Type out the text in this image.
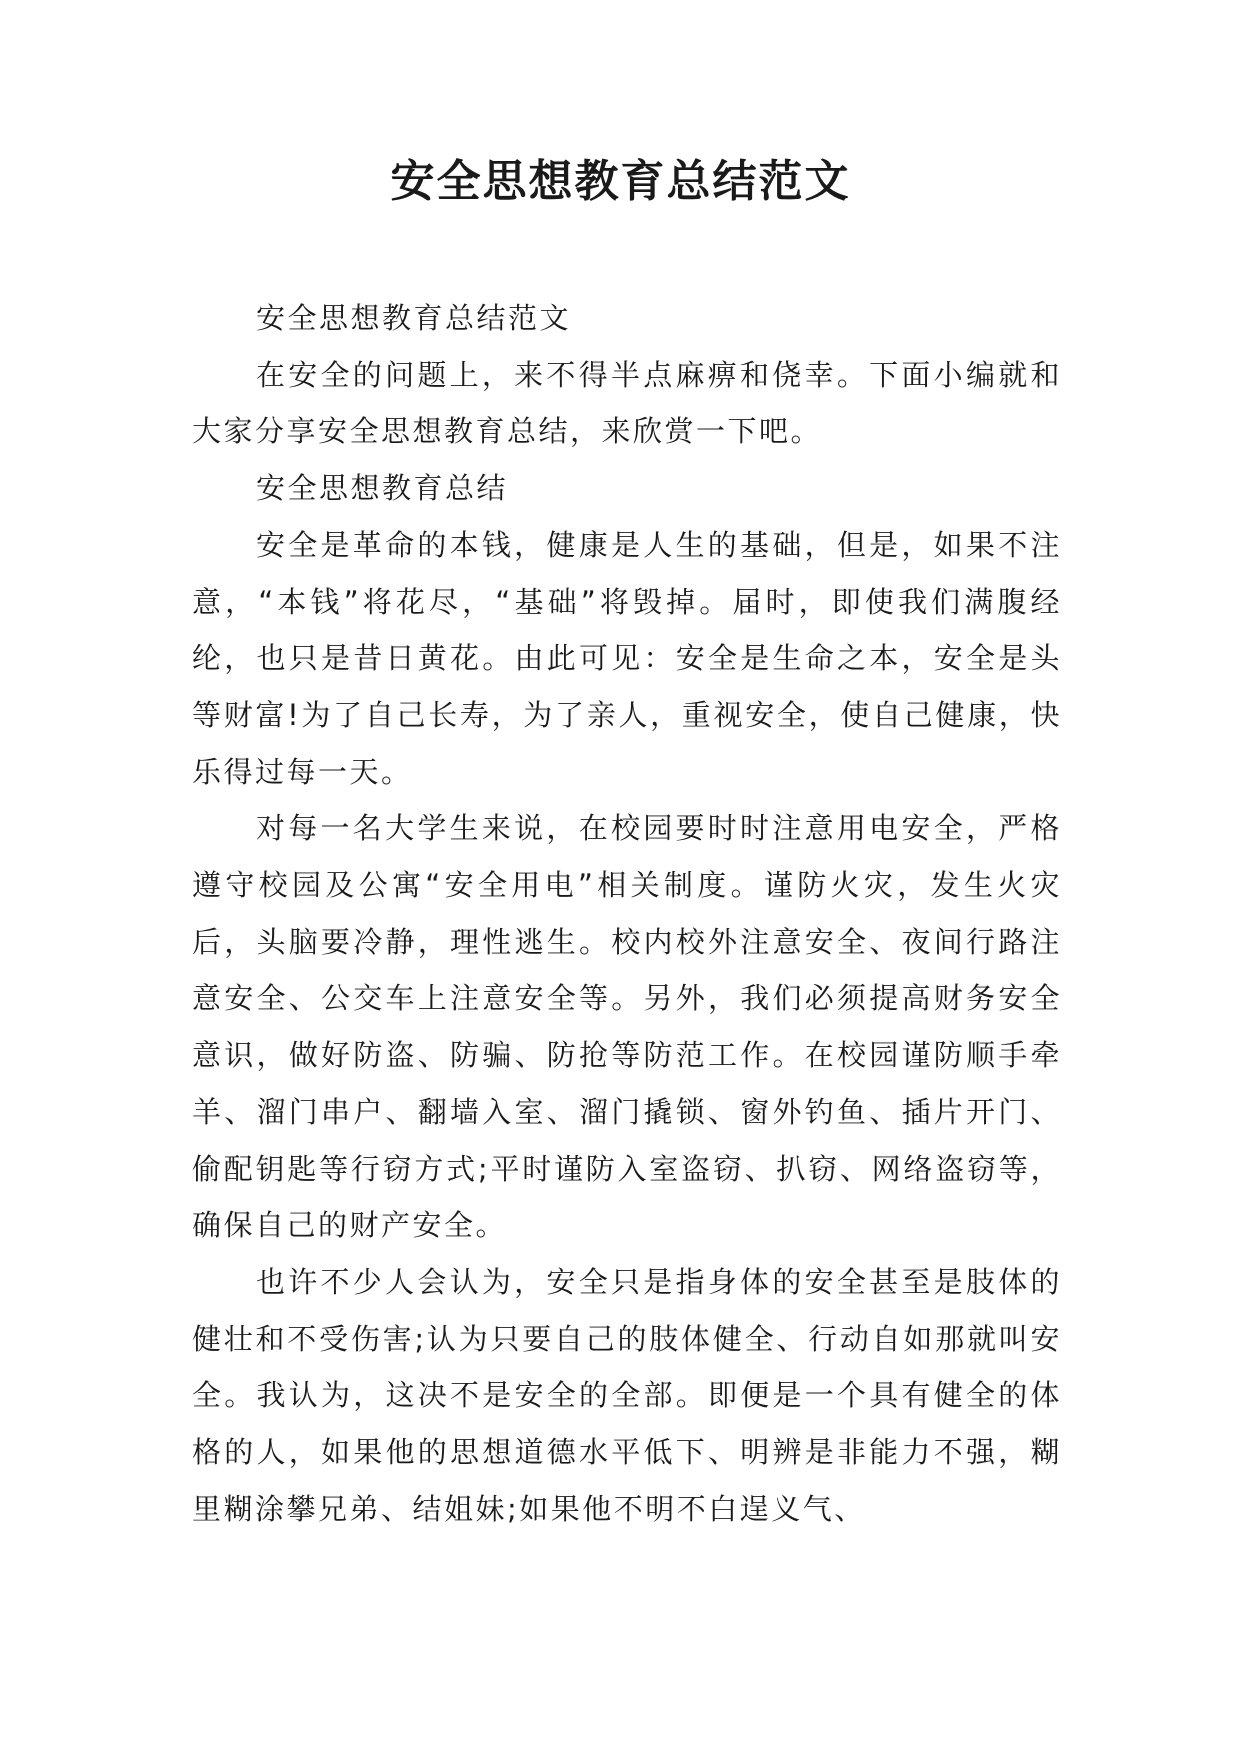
安全思想教育总结范文

安全思想教育总结范文

在安全的问题上，来不得半点麻痹和侥幸。下面小编就和大家分享安全思想教育总结，来欣赏一下吧。

安全思想教育总结

安全是革命的本钱，健康是人生的基础，但是，如果不注意，“本钱”将花尽，“基础”将毁掉。届时，即使我们满腹经纶，也只是昔日黄花。由此可见：安全是生命之本，安全是头等财富!为了自己长寿，为了亲人，重视安全，使自己健康，快乐得过每一天。

对每一名大学生来说，在校园要时时注意用电安全，严格遵守校园及公寓“安全用电”相关制度。谨防火灾，发生火灾后，头脑要冷静，理性逃生。校内校外注意安全、夜间行路注意安全、公交车上注意安全等。另外，我们必须提高财务安全意识，做好防盗、防骗、防抢等防范工作。在校园谨防顺手牵羊、溜门串户、翻墙入室、溜门撬锁、窗外钓鱼、插片开门、偷配钥匙等行窃方式;平时谨防入室盗窃、扒窃、网络盗窃等，确保自己的财产安全。

也许不少人会认为，安全只是指身体的安全甚至是肢体的健壮和不受伤害;认为只要自己的肢体健全、行动自如那就叫安全。我认为，这决不是安全的全部。即便是一个具有健全的体格的人，如果他的思想道德水平低下、明辨是非能力不强，糊里糊涂攀兄弟、结姐妹;如果他不明不白逞义气、
